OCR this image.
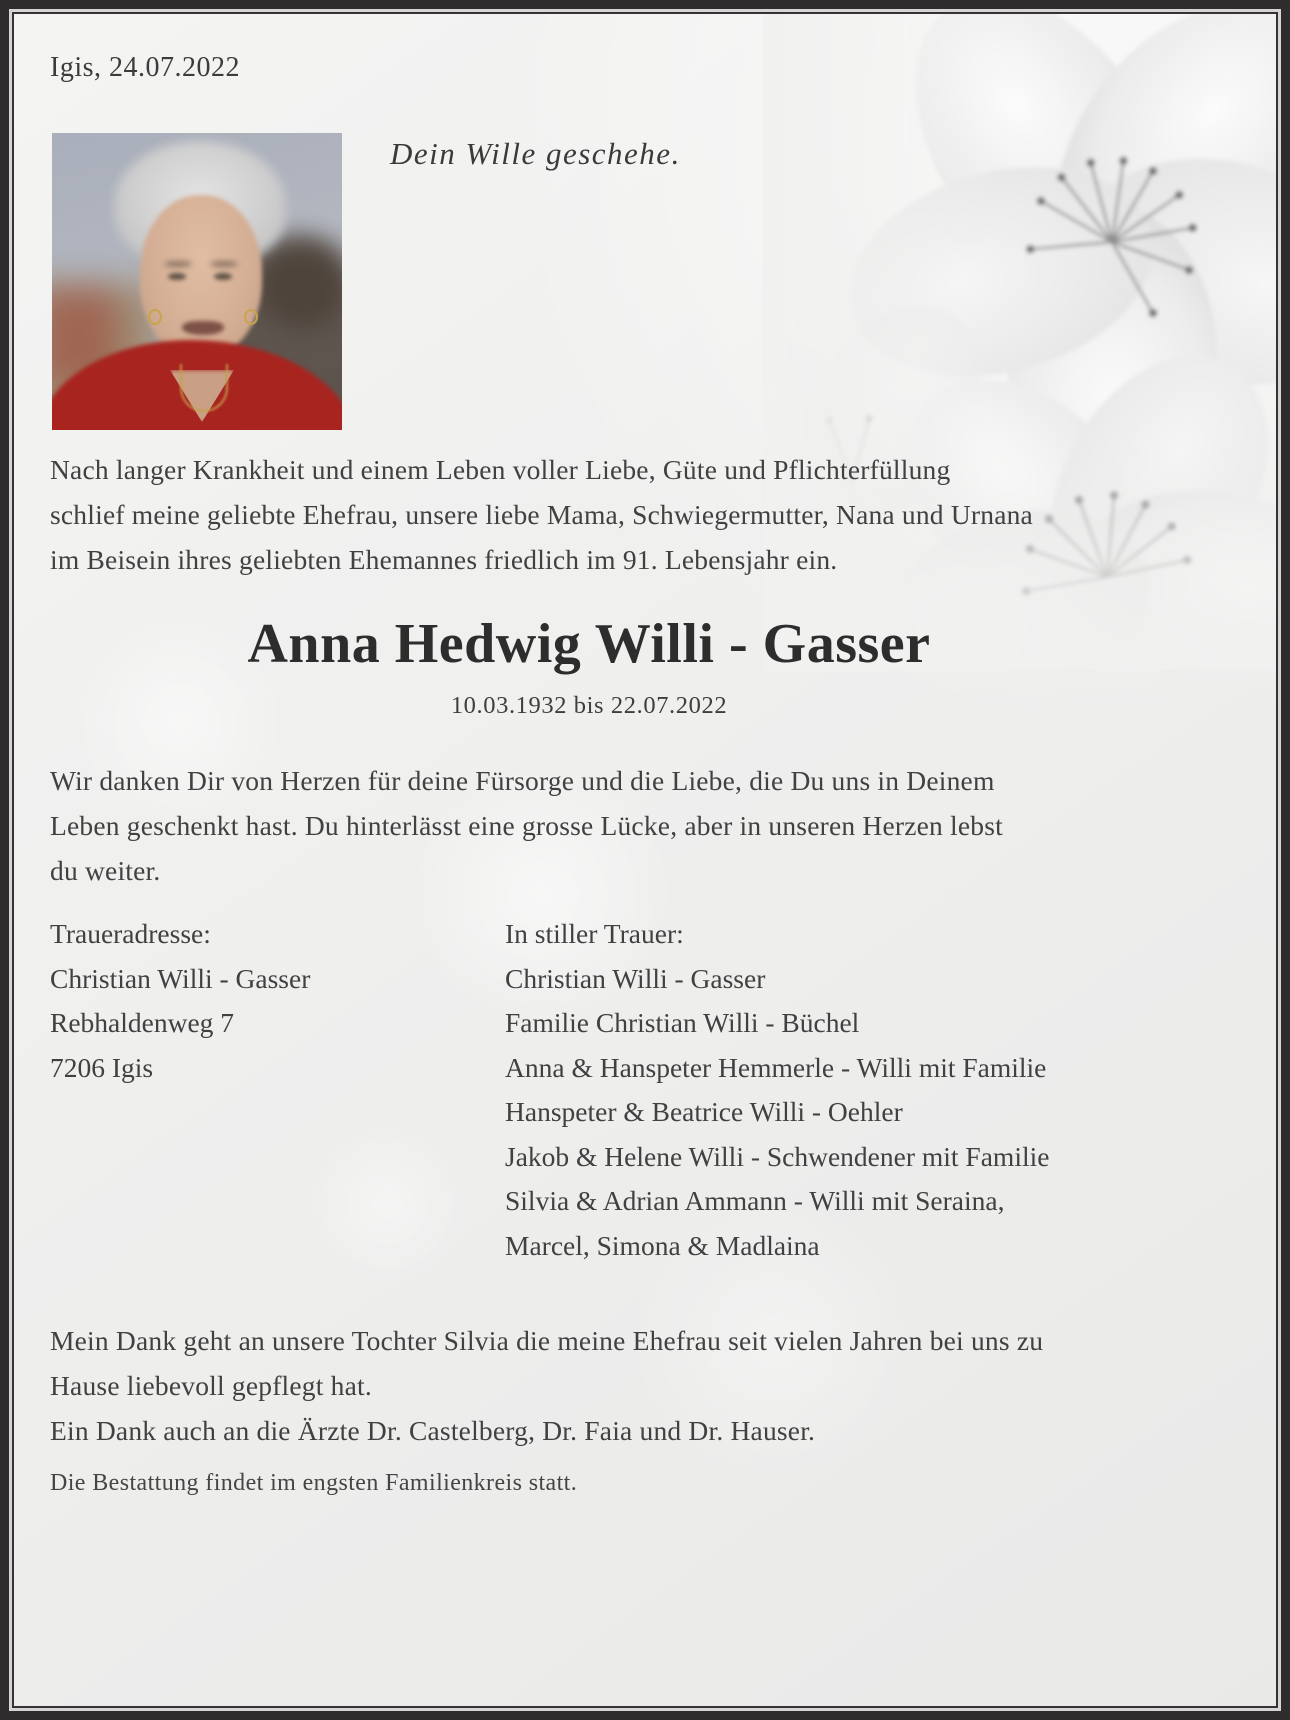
Igis, 24.07.2022
Dein Wille geschehe.
Nach langer Krankheit und einem Leben voller Liebe, Güte und Pflichterfüllung
schlief meine geliebte Ehefrau, unsere liebe Mama, Schwiegermutter, Nana und Urnana
im Beisein ihres geliebten Ehemannes friedlich im 91. Lebensjahr ein.
Anna Hedwig Willi - Gasser
10.03.1932 bis 22.07.2022
Wir danken Dir von Herzen für deine Fürsorge und die Liebe, die Du uns in Deinem
Leben geschenkt hast. Du hinterlässt eine grosse Lücke, aber in unseren Herzen lebst
du weiter.
Traueradresse:
Christian Willi - Gasser
Rebhaldenweg 7
7206 Igis
In stiller Trauer:
Christian Willi - Gasser
Familie Christian Willi - Büchel
Anna & Hanspeter Hemmerle - Willi mit Familie
Hanspeter & Beatrice Willi - Oehler
Jakob & Helene Willi - Schwendener mit Familie
Silvia & Adrian Ammann - Willi mit Seraina,
Marcel, Simona & Madlaina
Mein Dank geht an unsere Tochter Silvia die meine Ehefrau seit vielen Jahren bei uns zu
Hause liebevoll gepflegt hat.
Ein Dank auch an die Ärzte Dr. Castelberg, Dr. Faia und Dr. Hauser.
Die Bestattung findet im engsten Familienkreis statt.
